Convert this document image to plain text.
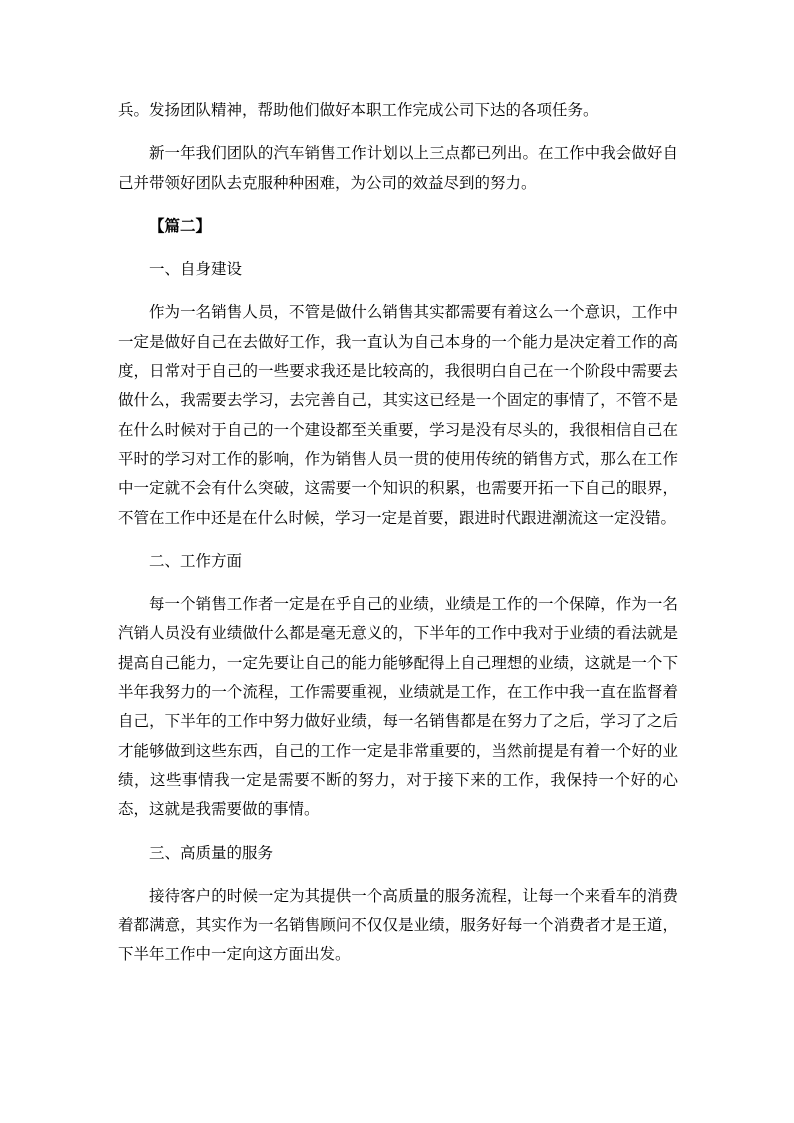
兵。发扬团队精神，帮助他们做好本职工作完成公司下达的各项任务。

新一年我们团队的汽车销售工作计划以上三点都已列出。在工作中我会做好自己并带领好团队去克服种种困难，为公司的效益尽到的努力。

【篇二】

一、自身建设

作为一名销售人员，不管是做什么销售其实都需要有着这么一个意识，工作中一定是做好自己在去做好工作，我一直认为自己本身的一个能力是决定着工作的高度，日常对于自己的一些要求我还是比较高的，我很明白自己在一个阶段中需要去做什么，我需要去学习，去完善自己，其实这已经是一个固定的事情了，不管不是在什么时候对于自己的一个建设都至关重要，学习是没有尽头的，我很相信自己在平时的学习对工作的影响，作为销售人员一贯的使用传统的销售方式，那么在工作中一定就不会有什么突破，这需要一个知识的积累，也需要开拓一下自己的眼界，不管在工作中还是在什么时候，学习一定是首要，跟进时代跟进潮流这一定没错。

二、工作方面

每一个销售工作者一定是在乎自己的业绩，业绩是工作的一个保障，作为一名汽销人员没有业绩做什么都是毫无意义的，下半年的工作中我对于业绩的看法就是提高自己能力，一定先要让自己的能力能够配得上自己理想的业绩，这就是一个下半年我努力的一个流程，工作需要重视，业绩就是工作，在工作中我一直在监督着自己，下半年的工作中努力做好业绩，每一名销售都是在努力了之后，学习了之后才能够做到这些东西，自己的工作一定是非常重要的，当然前提是有着一个好的业绩，这些事情我一定是需要不断的努力，对于接下来的工作，我保持一个好的心态，这就是我需要做的事情。

三、高质量的服务

接待客户的时候一定为其提供一个高质量的服务流程，让每一个来看车的消费着都满意，其实作为一名销售顾问不仅仅是业绩，服务好每一个消费者才是王道，下半年工作中一定向这方面出发。
